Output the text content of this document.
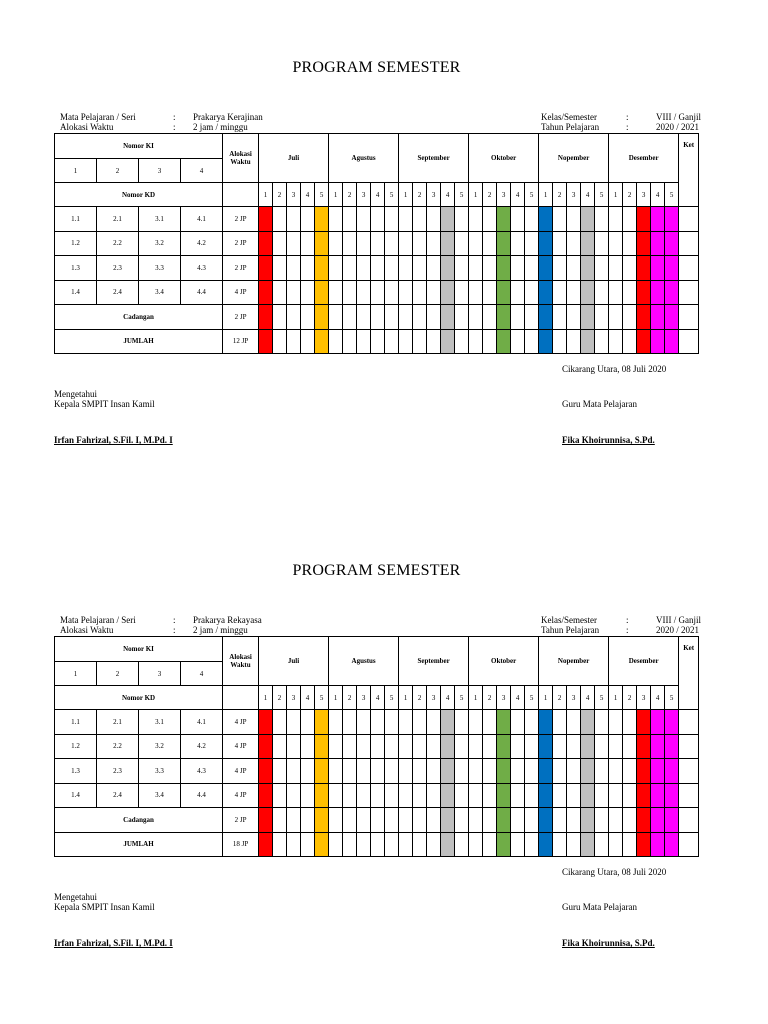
PROGRAM SEMESTER
Mata Pelajaran / Seri	: Prakarya Kerajinan
Alokasi Waktu	: 2 jam / minggu
Kelas/Semester	:	VIII / Ganjil
Tahun Pelajaran	:	2020 / 2021
Nomor KI				Alokasi Waktu	Juli					Agustus					September					Oktober					Nopember					Desember					Ket
1	2	3	4																																
Nomor KD					1	2	3	4	5	1	2	3	4	5	1	2	3	4	5	1	2	3	4	5	1	2	3	4	5	1	2	3	4	5	
1.1	2.1	3.1	4.1	2 JP																															
1.2	2.2	3.2	4.2	2 JP																															
1.3	2.3	3.3	4.3	2 JP																															
1.4	2.4	3.4	4.4	4 JP																															
Cadangan				2 JP																															
JUMLAH				12 JP																															
Cikarang Utara, 08 Juli 2020
Mengetahui
Kepala SMPIT Insan Kamil	Guru Mata Pelajaran
Irfan Fahrizal, S.Fil. I, M.Pd. I	Fika Khoirunnisa, S.Pd.
PROGRAM SEMESTER
Mata Pelajaran / Seri	: Prakarya Rekayasa
Alokasi Waktu	: 2 jam / minggu
Kelas/Semester	:	VIII / Ganjil
Tahun Pelajaran	:	2020 / 2021
Nomor KI				Alokasi Waktu	Juli					Agustus					September					Oktober					Nopember					Desember					Ket
1	2	3	4																																
Nomor KD					1	2	3	4	5	1	2	3	4	5	1	2	3	4	5	1	2	3	4	5	1	2	3	4	5	1	2	3	4	5	
1.1	2.1	3.1	4.1	4 JP																															
1.2	2.2	3.2	4.2	4 JP																															
1.3	2.3	3.3	4.3	4 JP																															
1.4	2.4	3.4	4.4	4 JP																															
Cadangan				2 JP																															
JUMLAH				18 JP																															
Cikarang Utara, 08 Juli 2020
Mengetahui
Kepala SMPIT Insan Kamil	Guru Mata Pelajaran
Irfan Fahrizal, S.Fil. I, M.Pd. I	Fika Khoirunnisa, S.Pd.
